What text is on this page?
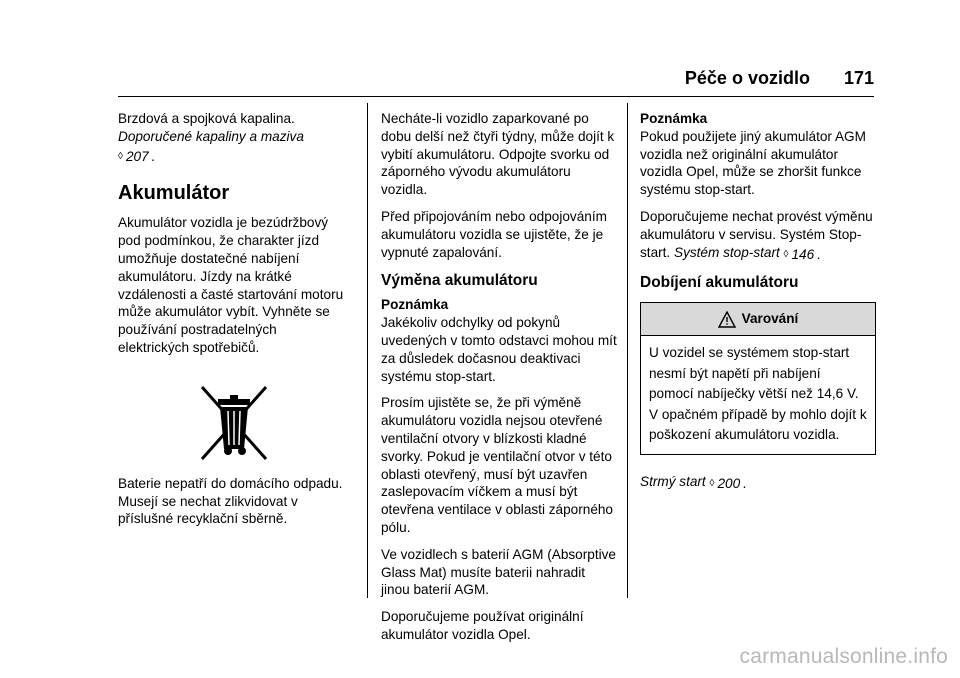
Péče o vozidlo 171

Brzdová a spojková kapalina.
Doporučené kapaliny a maziva

◊ 207 .

Akumulátor

Akumulátor vozidla je bezúdržbový pod podmínkou, že charakter jízd umožňuje dostatečné nabíjení akumulátoru. Jízdy na krátké vzdálenosti a časté startování motoru může akumulátor vybít. Vyhněte se používání postradatelných elektrických spotřebičů.

Baterie nepatří do domácího odpadu. Musejí se nechat zlikvidovat v příslušné recyklační sběrně.

Necháte-li vozidlo zaparkované po dobu delší než čtyři týdny, může dojít k vybití akumulátoru. Odpojte svorku od záporného vývodu akumulátoru vozidla.

Před připojováním nebo odpojováním akumulátoru vozidla se ujistěte, že je vypnuté zapalování.

Výměna akumulátoru
Poznámka

Jakékoliv odchylky od pokynů uvedených v tomto odstavci mohou mít za důsledek dočasnou deaktivaci systému stop-start.

Prosím ujistěte se, že při výměně akumulátoru vozidla nejsou otevřené ventilační otvory v blízkosti kladné svorky. Pokud je ventilační otvor v této oblasti otevřený, musí být uzavřen zaslepovacím víčkem a musí být otevřena ventilace v oblasti záporného pólu.

Ve vozidlech s baterií AGM (Absorptive Glass Mat) musíte baterii nahradit jinou baterií AGM.

Doporučujeme používat originální akumulátor vozidla Opel.

Poznámka

Pokud použijete jiný akumulátor AGM vozidla než originální akumulátor vozidla Opel, může se zhoršit funkce systému stop-start.

Doporučujeme nechat provést výměnu akumulátoru v servisu. Systém Stop-start. Systém stop-start ◊ 146 .

Dobíjení akumulátoru
Varování
U vozidel se systémem stop-start nesmí být napětí při nabíjení pomocí nabíječky větší než 14,6 V. V opačném případě by mohlo dojít k poškození akumulátoru vozidla.

Strmý start ◊ 200 .

carmanualsonline.info
